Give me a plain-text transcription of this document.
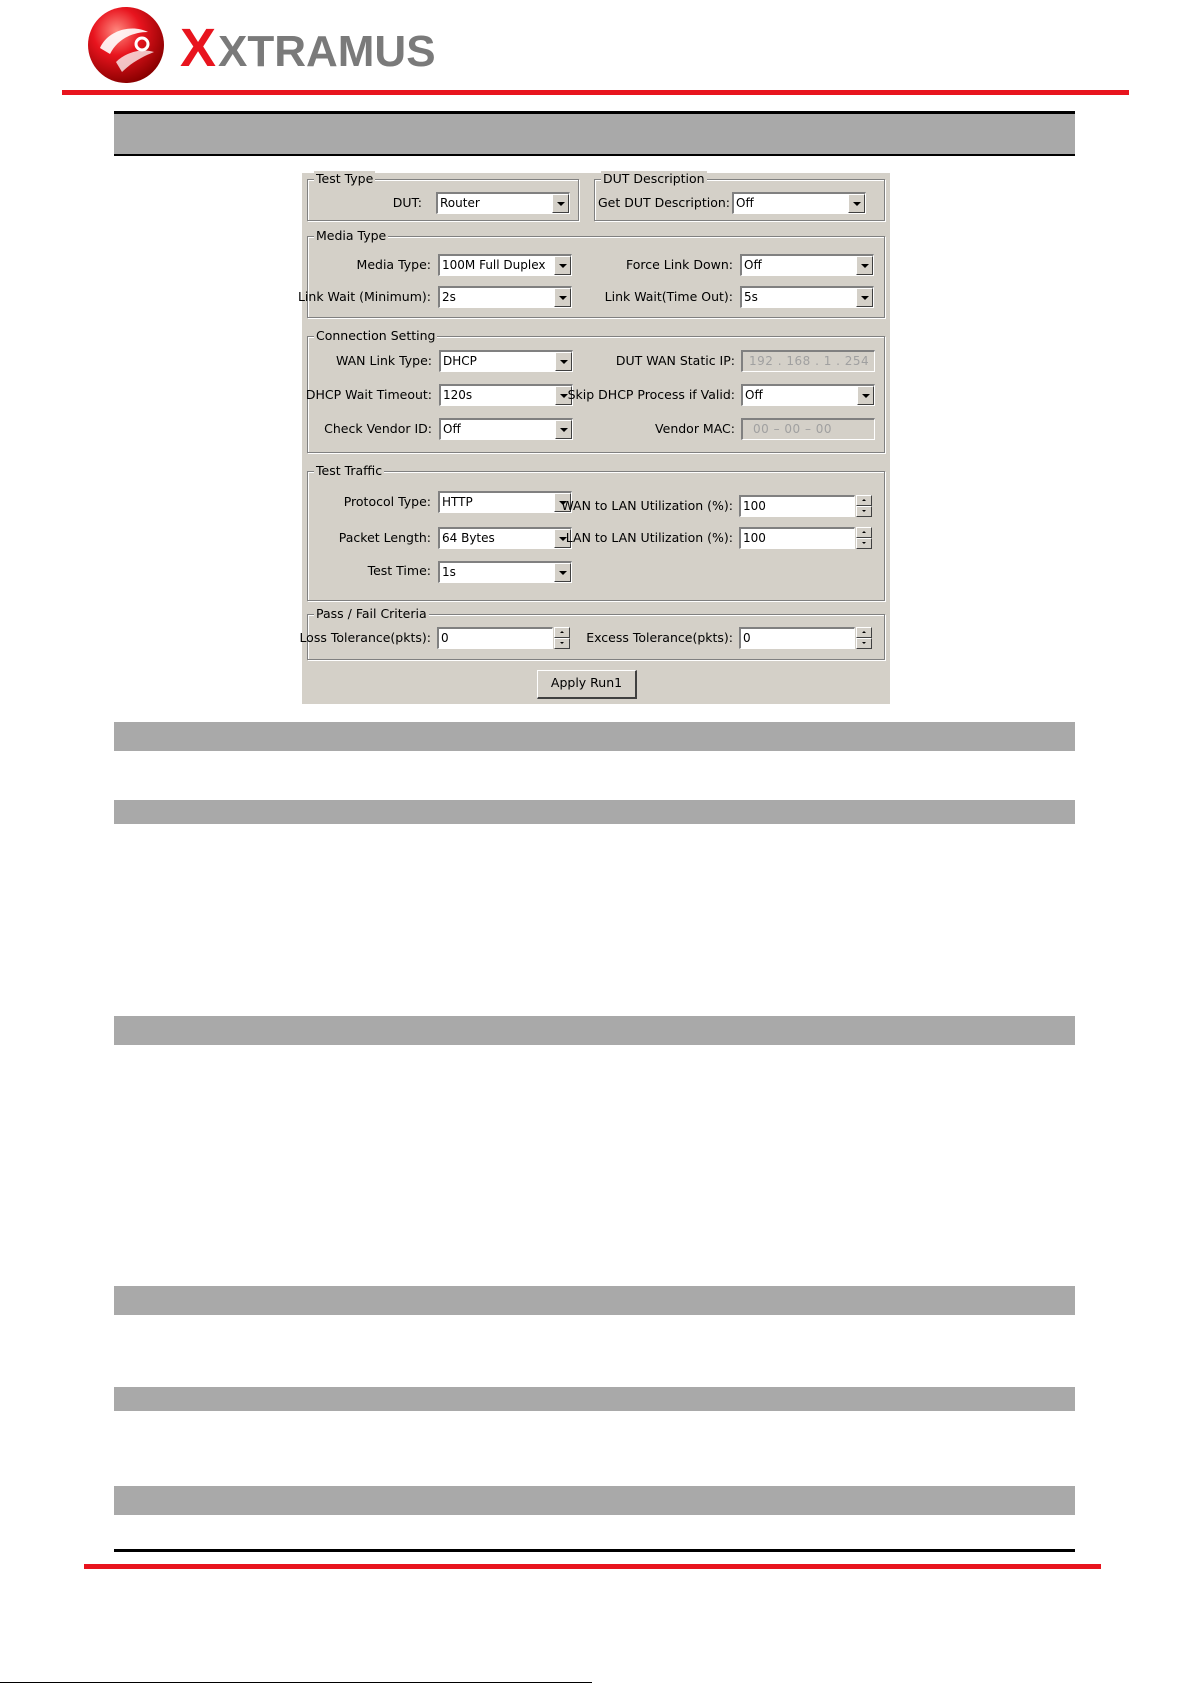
X XTRAMUS
Test Type
DUT: Router
DUT Description
Get DUT Description: Off
Media Type
Media Type: 100M Full Duplex	Force Link Down: Off
Link Wait (Minimum): 2s	Link Wait(Time Out): 5s
Connection Setting
WAN Link Type: DHCP	DUT WAN Static IP: 192 . 168 . 1 . 254
DHCP Wait Timeout: 120s	Skip DHCP Process if Valid: Off
Check Vendor ID: Off	Vendor MAC: 00 – 00 – 00
Test Traffic
Protocol Type: HTTP	WAN to LAN Utilization (%): 100
Packet Length: 64 Bytes	LAN to LAN Utilization (%): 100
Test Time: 1s
Pass / Fail Criteria
Loss Tolerance(pkts): 0	Excess Tolerance(pkts): 0
Apply Run1
